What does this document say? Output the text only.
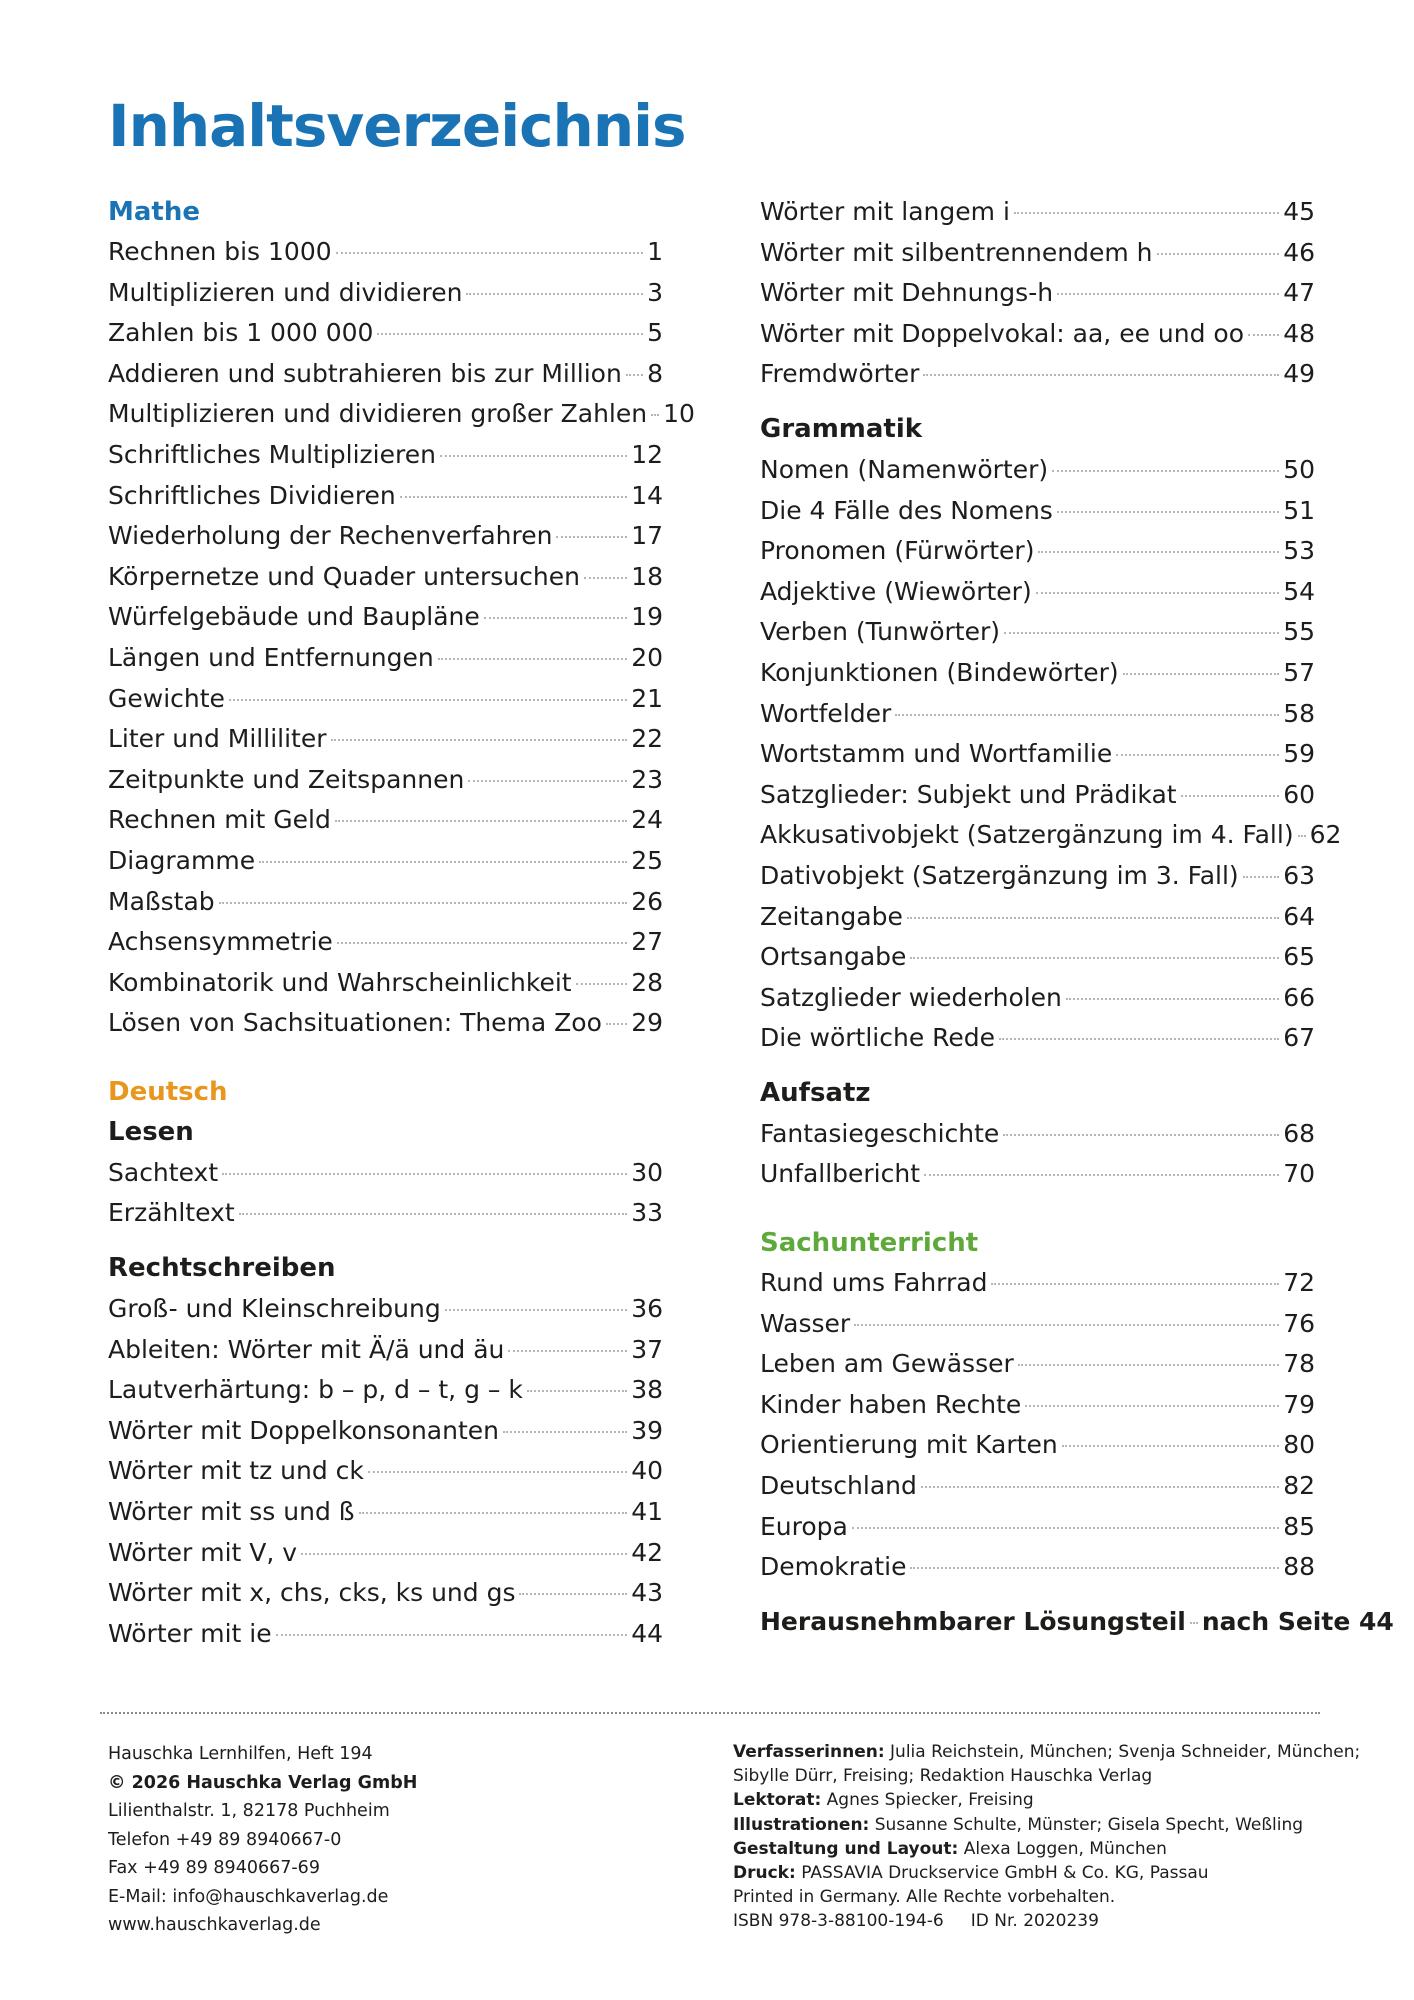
Inhaltsverzeichnis
Mathe
Rechnen bis 1000	1
Multiplizieren und dividieren	3
Zahlen bis 1 000 000	5
Addieren und subtrahieren bis zur Million 8
Multiplizieren und dividieren großer Zahlen 10
Schriftliches Multiplizieren	12
Schriftliches Dividieren	14
Wiederholung der Rechenverfahren	17
Körpernetze und Quader untersuchen 18
Würfelgebäude und Baupläne	19
Längen und Entfernungen	20
Gewichte	21
Liter und Milliliter	22
Zeitpunkte und Zeitspannen	23
Rechnen mit Geld	24
Diagramme	25
Maßstab	26
Achsensymmetrie	27
Kombinatorik und Wahrscheinlichkeit 28
Lösen von Sachsituationen: Thema Zoo 29
Deutsch
Lesen
Sachtext	30
Erzähltext	33
Rechtschreiben
Groß- und Kleinschreibung	36
Ableiten: Wörter mit Ä/ä und äu	37
Lautverhärtung: b – p, d – t, g – k	38
Wörter mit Doppelkonsonanten	39
Wörter mit tz und ck	40
Wörter mit ss und ß	41
Wörter mit V, v	42
Wörter mit x, chs, cks, ks und gs	43
Wörter mit ie	44
Wörter mit langem i	45
Wörter mit silbentrennendem h	46
Wörter mit Dehnungs-h	47
Wörter mit Doppelvokal: aa, ee und oo 48
Fremdwörter	49
Grammatik
Nomen (Namenwörter)	50
Die 4 Fälle des Nomens	51
Pronomen (Fürwörter)	53
Adjektive (Wiewörter)	54
Verben (Tunwörter)	55
Konjunktionen (Bindewörter)	57
Wortfelder	58
Wortstamm und Wortfamilie	59
Satzglieder: Subjekt und Prädikat	60
Akkusativobjekt (Satzergänzung im 4. Fall) 62
Dativobjekt (Satzergänzung im 3. Fall) 63
Zeitangabe	64
Ortsangabe	65
Satzglieder wiederholen	66
Die wörtliche Rede	67
Aufsatz
Fantasiegeschichte	68
Unfallbericht	70
Sachunterricht
Rund ums Fahrrad	72
Wasser	76
Leben am Gewässer	78
Kinder haben Rechte	79
Orientierung mit Karten	80
Deutschland	82
Europa	85
Demokratie	88
Herausnehmbarer Lösungsteil nach Seite 44
Hauschka Lernhilfen, Heft 194
© 2026 Hauschka Verlag GmbH
Lilienthalstr. 1, 82178 Puchheim
Telefon +49 89 8940667-0
Fax +49 89 8940667-69
E-Mail: info@hauschkaverlag.de
www.hauschkaverlag.de
Verfasserinnen: Julia Reichstein, München; Svenja Schneider, München;
Sibylle Dürr, Freising; Redaktion Hauschka Verlag
Lektorat: Agnes Spiecker, Freising
Illustrationen: Susanne Schulte, Münster; Gisela Specht, Weßling
Gestaltung und Layout: Alexa Loggen, München
Druck: PASSAVIA Druckservice GmbH & Co. KG, Passau
Printed in Germany. Alle Rechte vorbehalten.
ISBN 978-3-88100-194-6 ID Nr. 2020239
